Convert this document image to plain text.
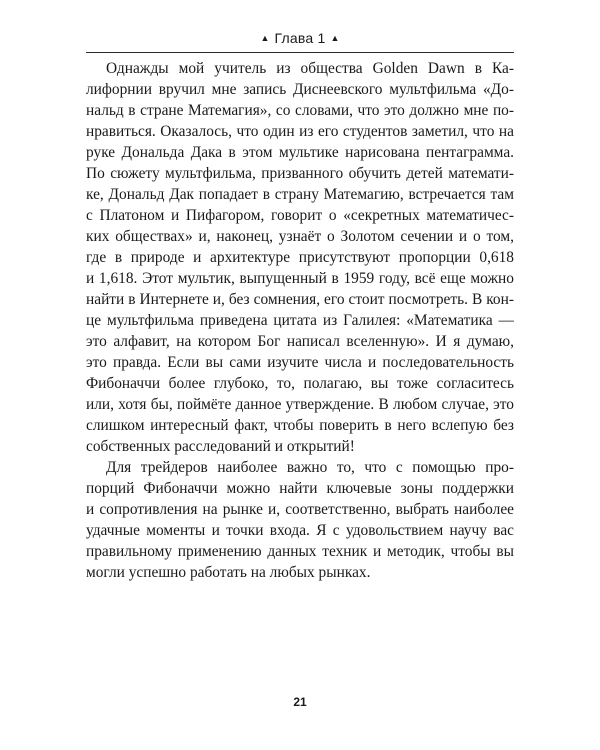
▲ Глава 1 ▲
Однажды мой учитель из общества Golden Dawn в Ка-
лифорнии вручил мне запись Диснеевского мультфильма «До-
нальд в стране Матемагия», со словами, что это должно мне по-
нравиться. Оказалось, что один из его студентов заметил, что на
руке Дональда Дака в этом мультике нарисована пентаграмма.
По сюжету мультфильма, призванного обучить детей математи-
ке, Дональд Дак попадает в страну Матемагию, встречается там
с Платоном и Пифагором, говорит о «секретных математичес-
ких обществах» и, наконец, узнаёт о Золотом сечении и о том,
где в природе и архитектуре присутствуют пропорции 0,618
и 1,618. Этот мультик, выпущенный в 1959 году, всё еще можно
найти в Интернете и, без сомнения, его стоит посмотреть. В кон-
це мультфильма приведена цитата из Галилея: «Математика —
это алфавит, на котором Бог написал вселенную». И я думаю,
это правда. Если вы сами изучите числа и последовательность
Фибоначчи более глубоко, то, полагаю, вы тоже согласитесь
или, хотя бы, поймёте данное утверждение. В любом случае, это
слишком интересный факт, чтобы поверить в него вслепую без
собственных расследований и открытий!
Для трейдеров наиболее важно то, что с помощью про-
порций Фибоначчи можно найти ключевые зоны поддержки
и сопротивления на рынке и, соответственно, выбрать наиболее
удачные моменты и точки входа. Я с удовольствием научу вас
правильному применению данных техник и методик, чтобы вы
могли успешно работать на любых рынках.
21
